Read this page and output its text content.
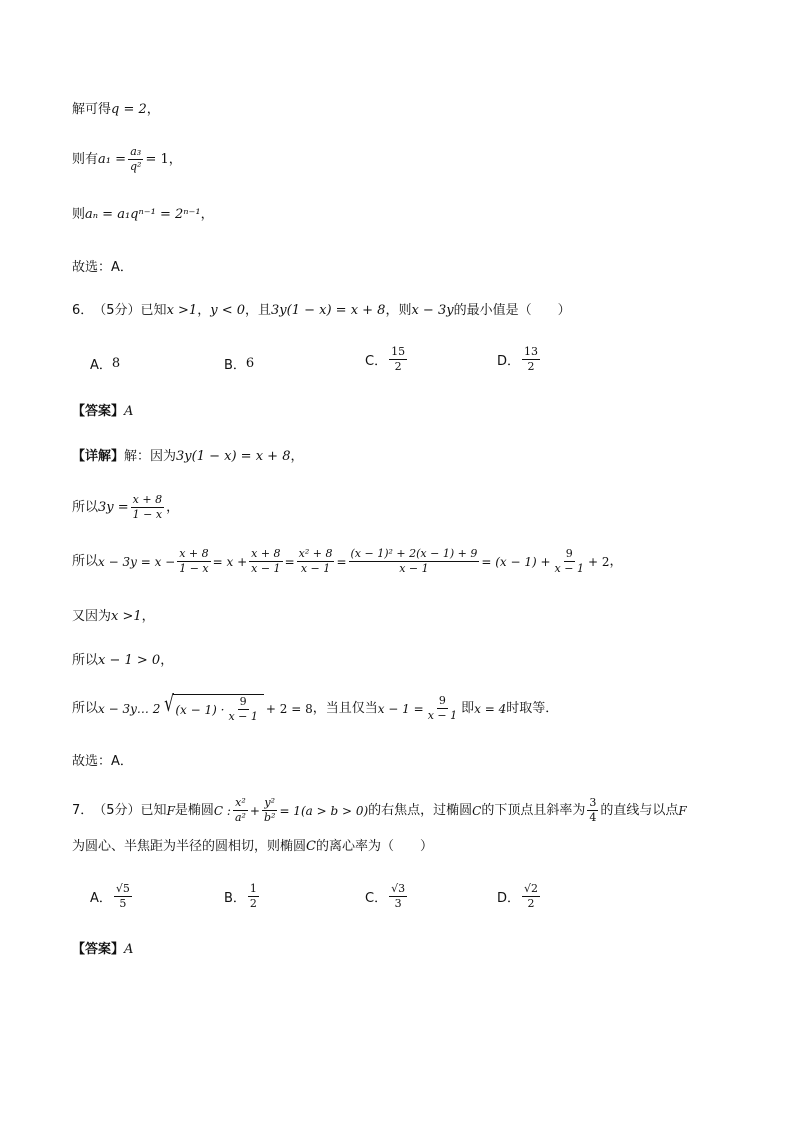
解可得 q = 2 ，
则有 $a_1 = \frac{\text{a₃}}{\text{q²}} = 1$ ，
则 aₙ = a₁qⁿ⁻¹ = 2ⁿ⁻¹ ，
故选：A．
6． （5分）已知 x >1 ， y < 0 ，且 3y(1 − x) = x + 8 ，则 x − 3y 的最小值是（　　）
A． 8	B． 6	C． $\frac{15}{2}$	D． $\frac{13}{2}$
【答案】 A
【详解】 解：因为 3y(1 − x) = x + 8 ，
所以 $3y = \frac{x + 8}{1 - x}$ ，
所以 $x - 3y = x - \frac{x + 8}{1 - x} = x + \frac{x + 8}{x - 1} = \frac{\text{x² + 8}}{x - 1} = \frac{\text{(x − 1)² + 2(x − 1) + 9}}{x - 1} = (x - 1) + \frac{9}{x - 1} + 2$ ，
又因为 x >1 ，
所以 x − 1 > 0 ，
所以 x − 3y… 2 √ $(x - 1) \cdot \frac{9}{x - 1} + 2 = 8$ ，当且仅当 $x - 1 = \frac{9}{x - 1}$ 即 x = 4 时取等．
故选：A．
7． （5分）已知 F 是椭圆 C : $\frac{\text{x²}}{\text{a²}} + \frac{\text{y²}}{\text{b²}} = 1(a > b > 0)$ 的右焦点，过椭圆 C 的下顶点且斜率为 $\frac{3}{4}$ 的直线与以点 F
为圆心、半焦距为半径的圆相切，则椭圆 C 的离心率为（　　）
A． $\frac{√5}{5}$	B． $\frac{1}{2}$	C． $\frac{√3}{3}$	D． $\frac{√2}{2}$
【答案】 A
